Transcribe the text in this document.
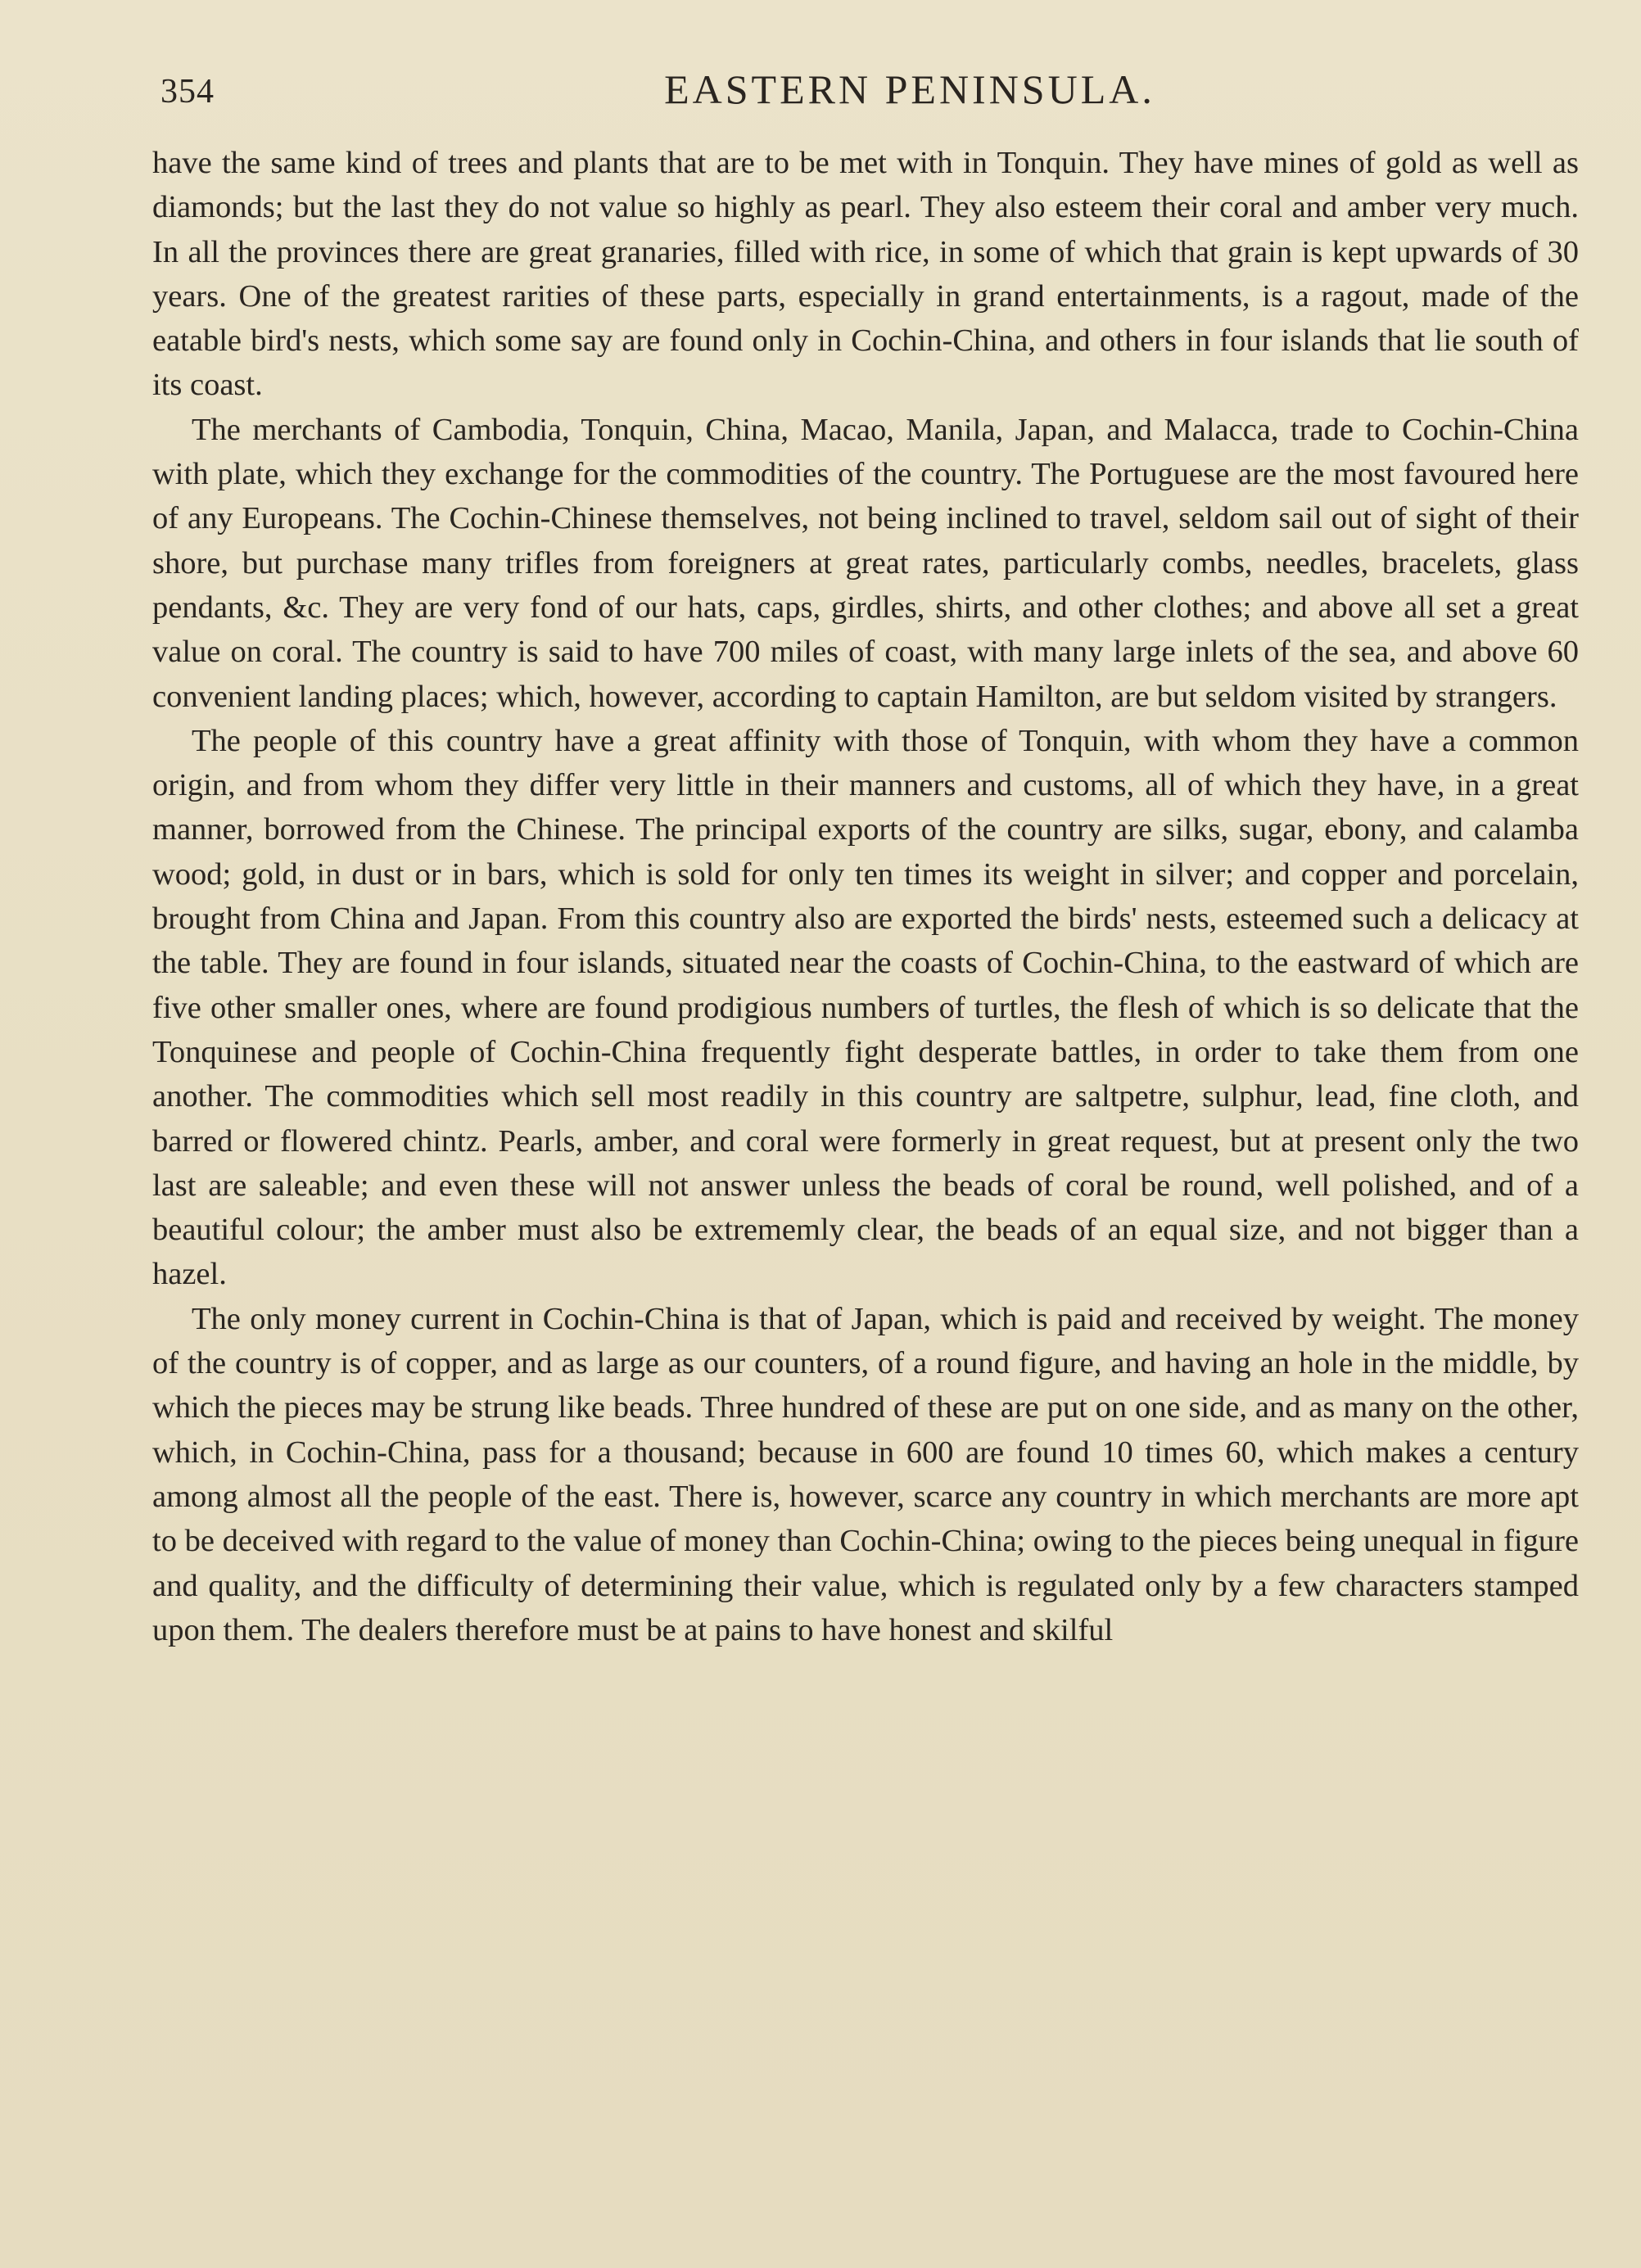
354	EASTERN PENINSULA.

have the same kind of trees and plants that are to be met with in Tonquin. They have mines of gold as well as diamonds; but the last they do not value so highly as pearl. They also esteem their coral and amber very much. In all the provinces there are great granaries, filled with rice, in some of which that grain is kept upwards of 30 years. One of the greatest rarities of these parts, especially in grand entertainments, is a ragout, made of the eatable bird's nests, which some say are found only in Cochin-China, and others in four islands that lie south of its coast.

The merchants of Cambodia, Tonquin, China, Macao, Manila, Japan, and Malacca, trade to Cochin-China with plate, which they exchange for the commodities of the country. The Portuguese are the most favoured here of any Europeans. The Cochin-Chinese themselves, not being inclined to travel, seldom sail out of sight of their shore, but purchase many trifles from foreigners at great rates, particularly combs, needles, bracelets, glass pendants, &c. They are very fond of our hats, caps, girdles, shirts, and other clothes; and above all set a great value on coral. The country is said to have 700 miles of coast, with many large inlets of the sea, and above 60 convenient landing places; which, however, according to captain Hamilton, are but seldom visited by strangers.

The people of this country have a great affinity with those of Tonquin, with whom they have a common origin, and from whom they differ very little in their manners and customs, all of which they have, in a great manner, borrowed from the Chinese. The principal exports of the country are silks, sugar, ebony, and calamba wood; gold, in dust or in bars, which is sold for only ten times its weight in silver; and copper and porcelain, brought from China and Japan. From this country also are exported the birds' nests, esteemed such a delicacy at the table. They are found in four islands, situated near the coasts of Cochin-China, to the eastward of which are five other smaller ones, where are found prodigious numbers of turtles, the flesh of which is so delicate that the Tonquinese and people of Cochin-China frequently fight desperate battles, in order to take them from one another. The commodities which sell most readily in this country are saltpetre, sulphur, lead, fine cloth, and barred or flowered chintz. Pearls, amber, and coral were formerly in great request, but at present only the two last are saleable; and even these will not answer unless the beads of coral be round, well polished, and of a beautiful colour; the amber must also be extrememly clear, the beads of an equal size, and not bigger than a hazel.

The only money current in Cochin-China is that of Japan, which is paid and received by weight. The money of the country is of copper, and as large as our counters, of a round figure, and having an hole in the middle, by which the pieces may be strung like beads. Three hundred of these are put on one side, and as many on the other, which, in Cochin-China, pass for a thousand; because in 600 are found 10 times 60, which makes a century among almost all the people of the east. There is, however, scarce any country in which merchants are more apt to be deceived with regard to the value of money than Cochin-China; owing to the pieces being unequal in figure and quality, and the difficulty of determining their value, which is regulated only by a few characters stamped upon them. The dealers therefore must be at pains to have honest and skilful
